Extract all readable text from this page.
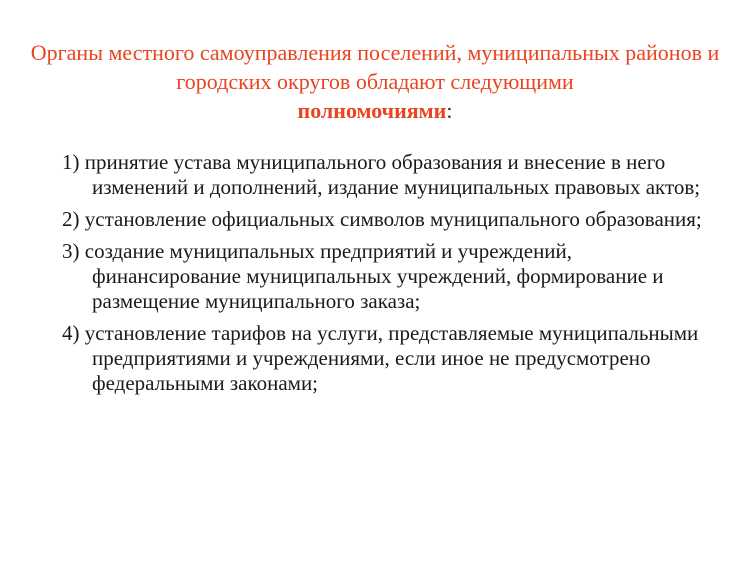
Органы местного самоуправления поселений, муниципальных районов и городских округов обладают следующими
полномочиями:
1) принятие устава муниципального образования и внесение в него изменений и дополнений, издание муниципальных правовых актов;
2) установление официальных символов муниципального образования;
3) создание муниципальных предприятий и учреждений, финансирование муниципальных учреждений, формирование и размещение муниципального заказа;
4) установление тарифов на услуги, представляемые муниципальными предприятиями и учреждениями, если иное не предусмотрено федеральными законами;
